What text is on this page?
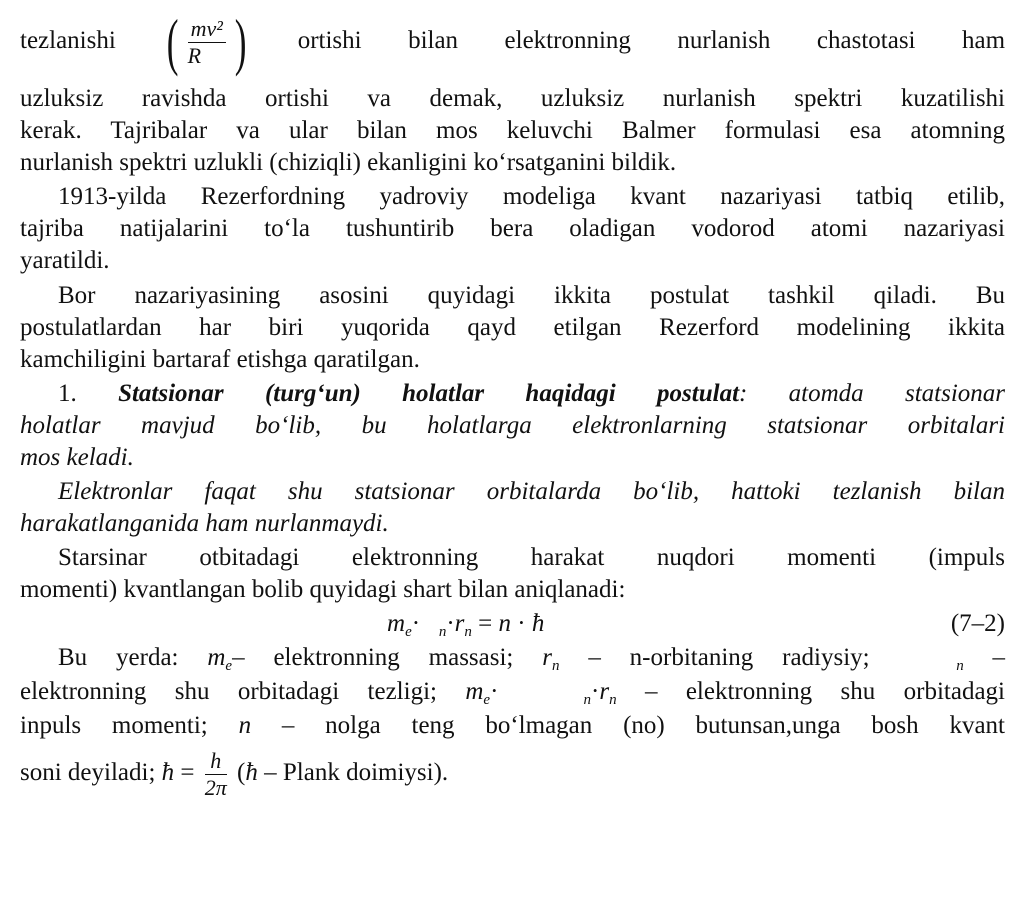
tezlanishi ( $\frac{\text{mv²}}{R}$ ) ortishi bilan elektronning nurlanish chastotasi ham
uzluksiz ravishda ortishi va demak, uzluksiz nurlanish spektri kuzatilishi
kerak. Tajribalar va ular bilan mos keluvchi Balmer formulasi esa atomning
nurlanish spektri uzlukli (chiziqli) ekanligini ko‘rsatganini bildik.
1913-yilda Rezerfordning yadroviy modeliga kvant nazariyasi tatbiq etilib,
tajriba natijalarini to‘la tushuntirib bera oladigan vodorod atomi nazariyasi
yaratildi.
Bor nazariyasining asosini quyidagi ikkita postulat tashkil qiladi. Bu
postulatlardan har biri yuqorida qayd etilgan Rezerford modelining ikkita
kamchiligini bartaraf etishga qaratilgan.
1. Statsionar (turg‘un) holatlar haqidagi postulat: atomda statsionar
holatlar mavjud bo‘lib, bu holatlarga elektronlarning statsionar orbitalari
mos keladi.
Elektronlar faqat shu statsionar orbitalarda bo‘lib, hattoki tezlanish bilan
harakatlanganida ham nurlanmaydi.
Starsinar otbitadagi elektronning harakat nuqdori momenti (impuls
momenti) kvantlangan bolib quyidagi shart bilan aniqlanadi:
$m_e\cdot _n\cdot r_n = n$ · ħ	(7–2)
Bu yerda: $m_e-$ elektronning massasi; $r_n$ – n-orbitaning radiysiy;	$_n$ –
elektronning shu orbitadagi tezligi; $m_e\cdot$	$_n\cdot r_n$ – elektronning shu orbitadagi
inpuls momenti; n – nolga teng bo‘lmagan (no) butunsan,unga bosh kvant
soni deyiladi; ħ = $\frac{h}{2\pi}$ (ħ – Plank doimiysi).
